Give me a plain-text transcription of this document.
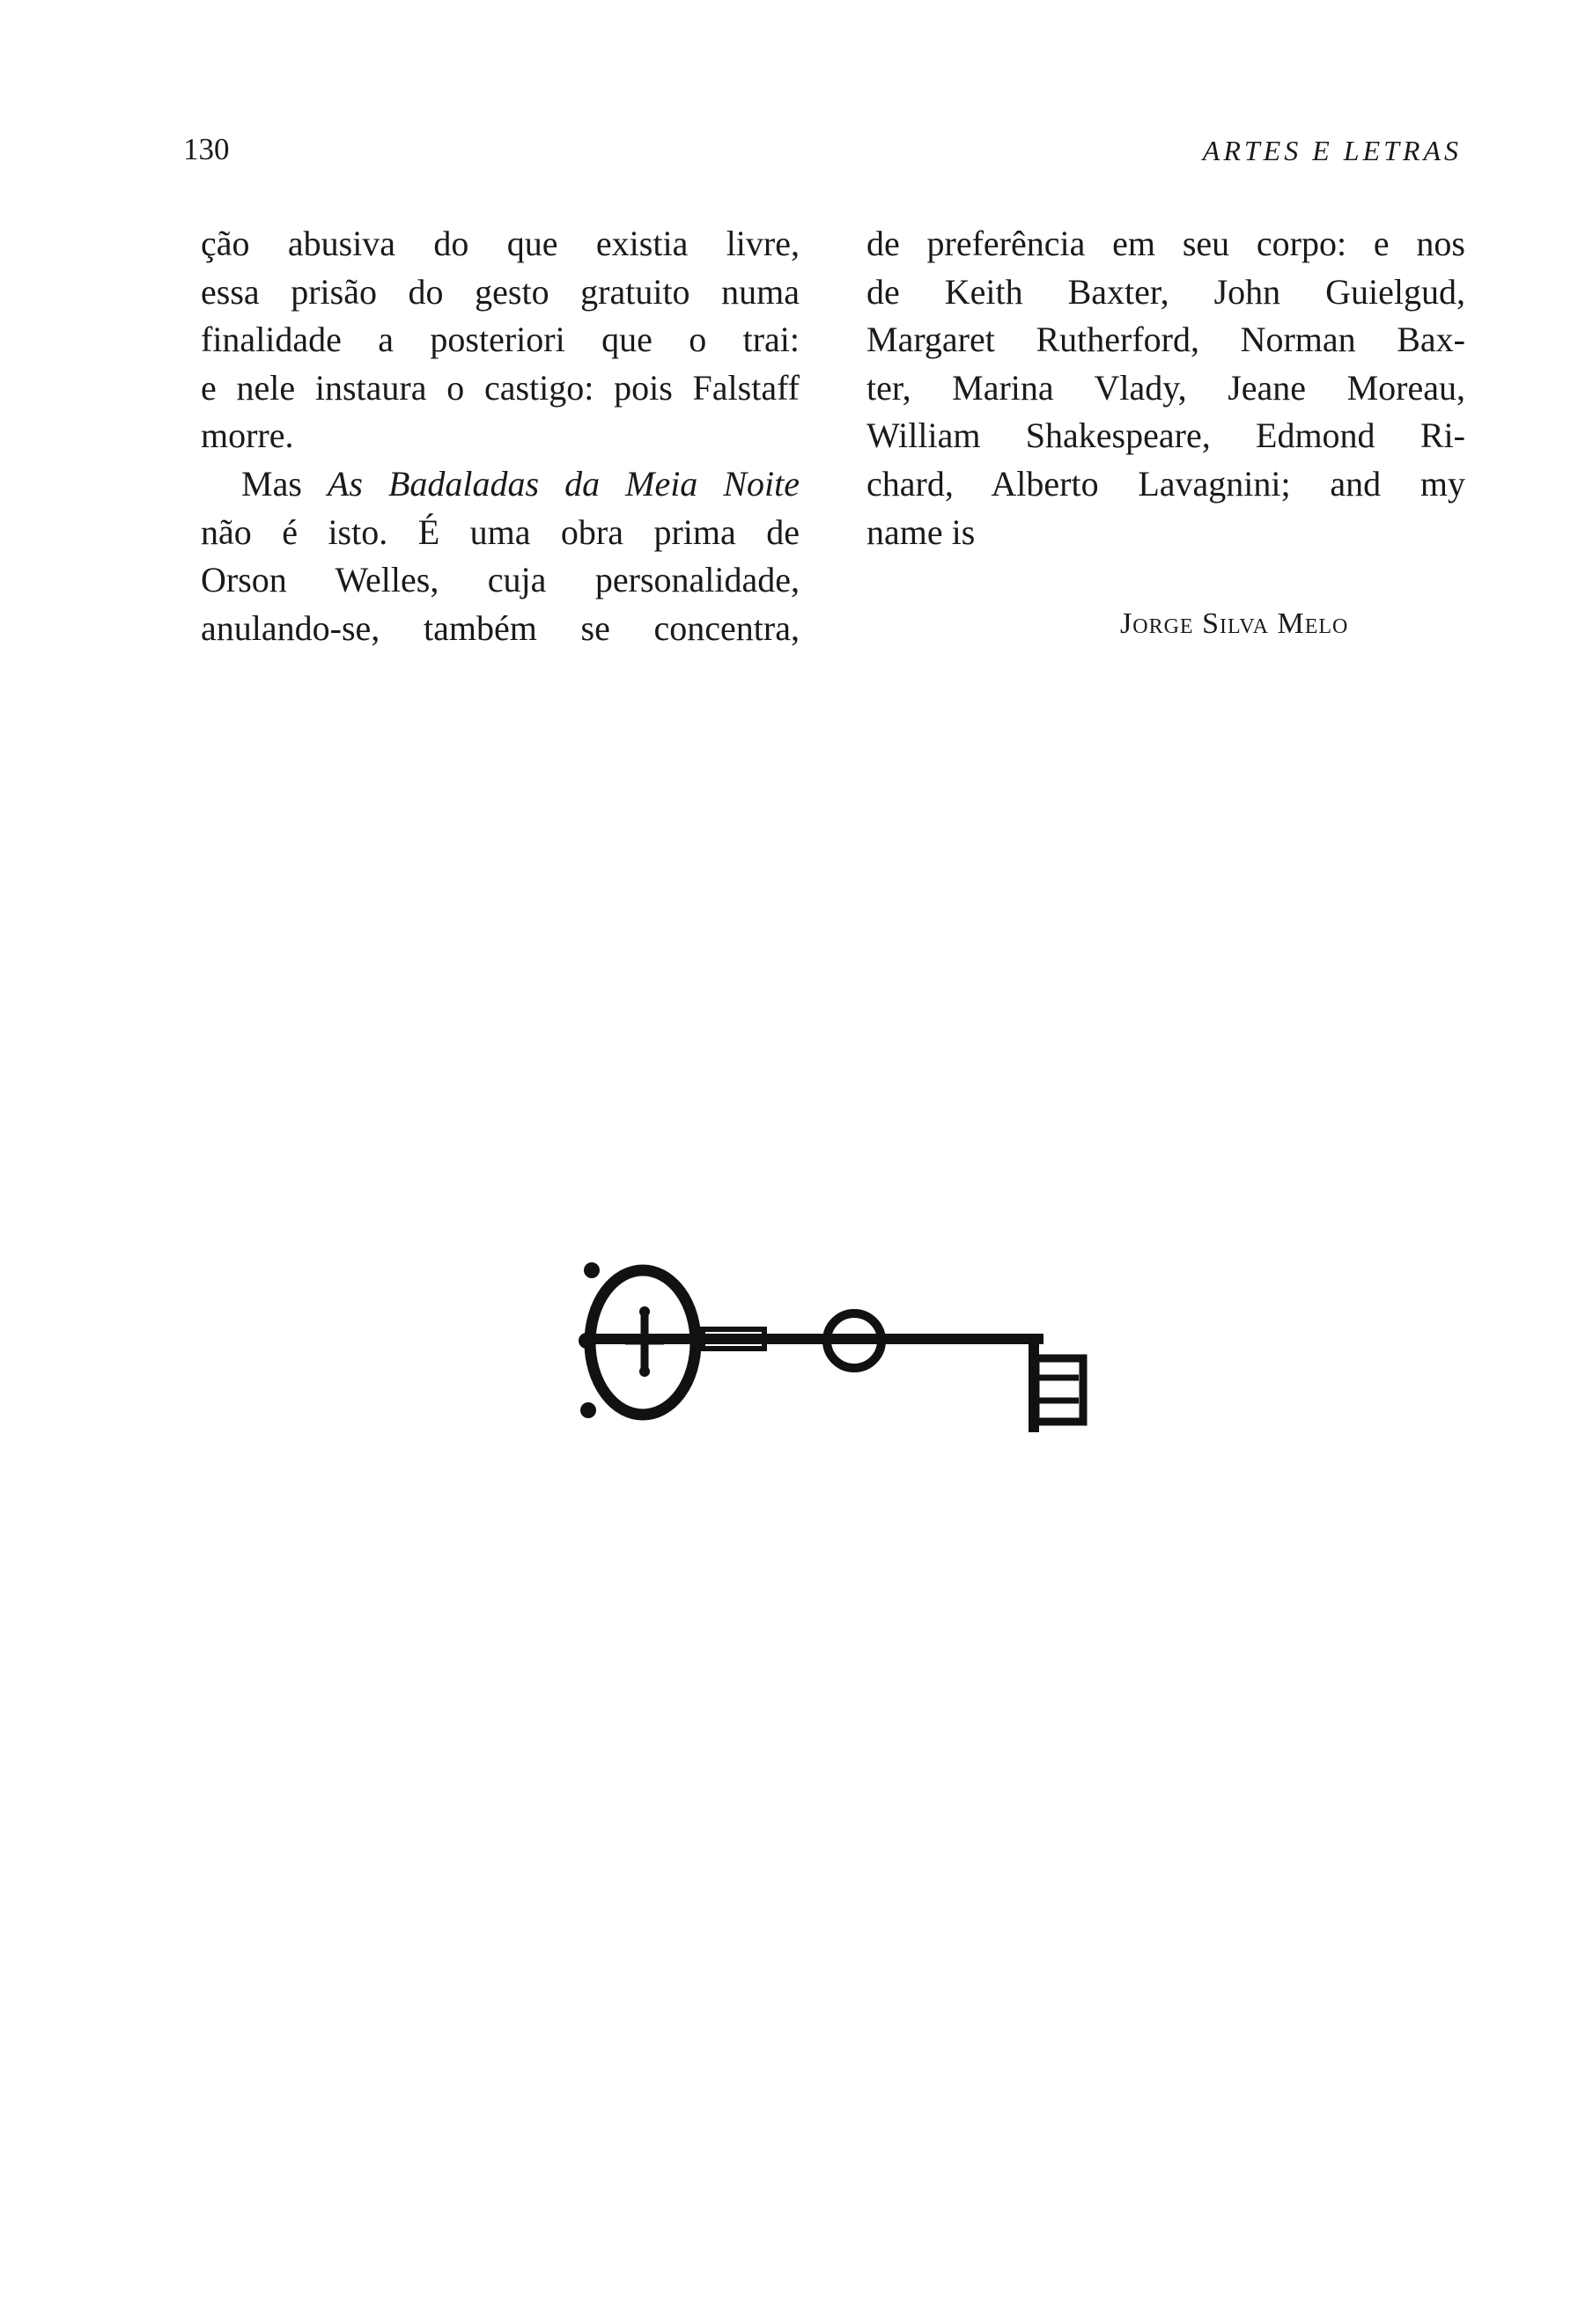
130	ARTES E LETRAS
ção abusiva do que existia livre,
essa prisão do gesto gratuito numa
finalidade a posteriori que o trai:
e nele instaura o castigo: pois Falstaff
morre.
Mas As Badaladas da Meia Noite
não é isto. É uma obra prima de
Orson Welles, cuja personalidade,
anulando-se, também se concentra,
de preferência em seu corpo: e nos
de Keith Baxter, John Guielgud,
Margaret Rutherford, Norman Bax-
ter, Marina Vlady, Jeane Moreau,
William Shakespeare, Edmond Ri-
chard, Alberto Lavagnini; and my
name is
Jorge Silva Melo
